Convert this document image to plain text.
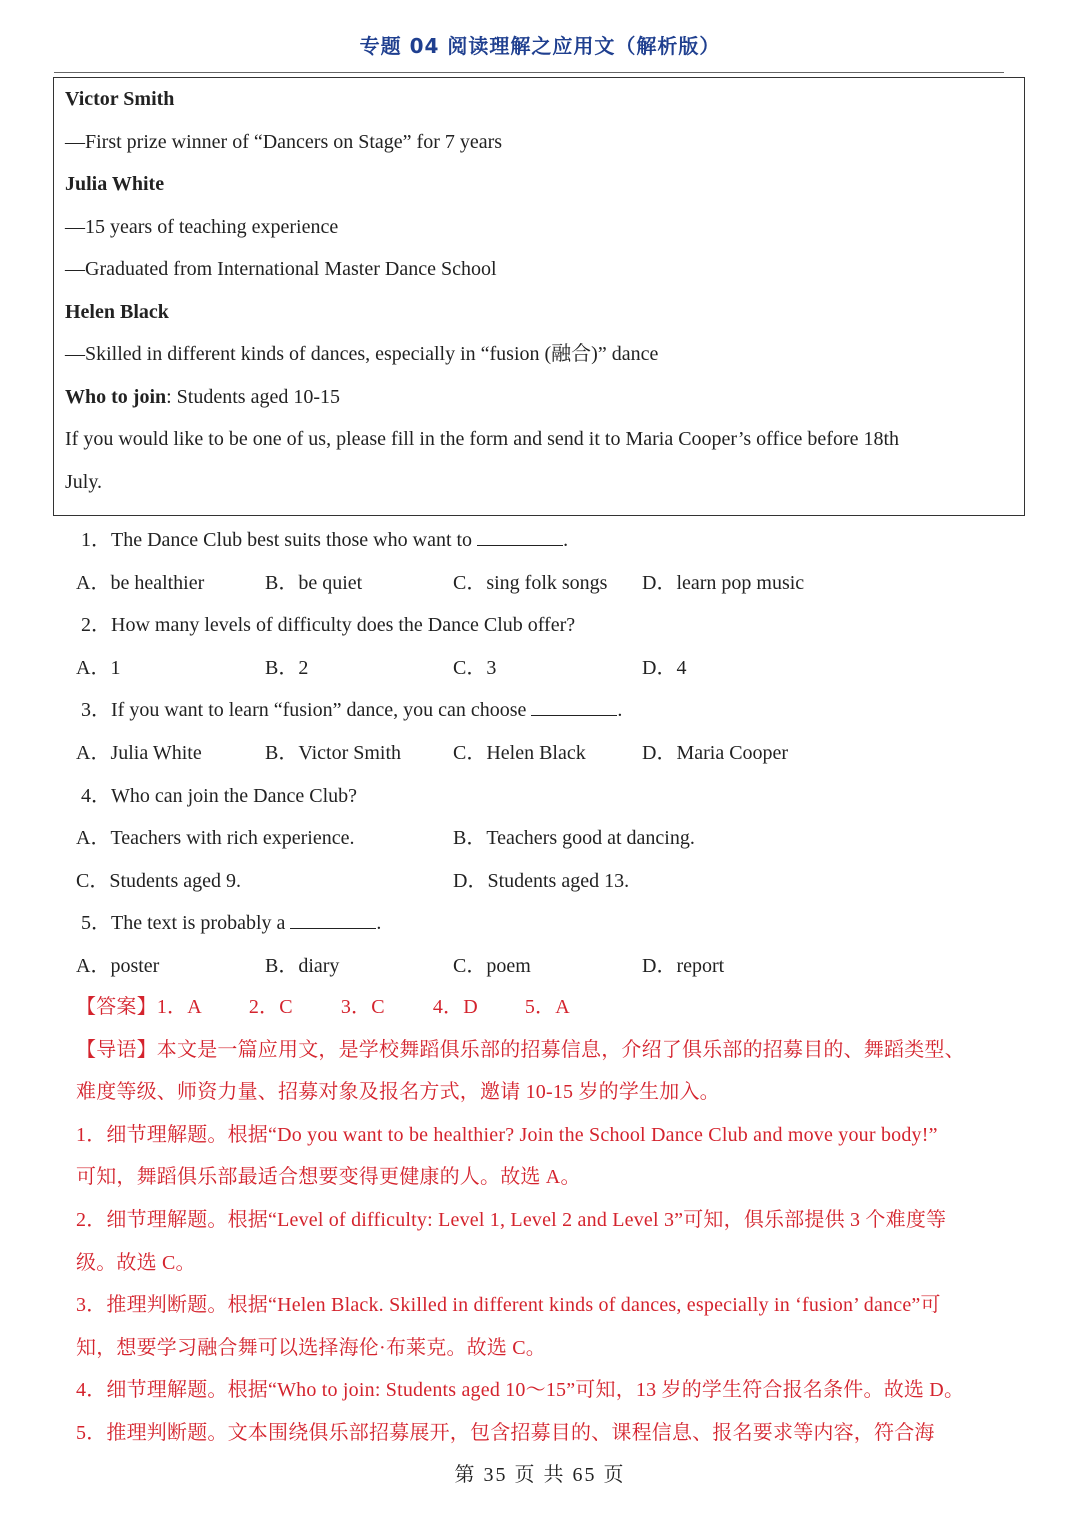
专题 04 阅读理解之应用文（解析版）
Victor Smith
—First prize winner of “Dancers on Stage” for 7 years
Julia White
—15 years of teaching experience
—Graduated from International Master Dance School
Helen Black
—Skilled in different kinds of dances, especially in “fusion (融合)” dance
Who to join: Students aged 10-15
If you would like to be one of us, please fill in the form and send it to Maria Cooper’s office before 18th
July.
1．The Dance Club best suits those who want to	.
A．be healthier	B．be quiet	C．sing folk songs D．learn pop music
2．How many levels of difficulty does the Dance Club offer?
A．1	B．2	C．3	D．4
3．If you want to learn “fusion” dance, you can choose	.
A．Julia White	B．Victor Smith	C．Helen Black	D．Maria Cooper
4．Who can join the Dance Club?
A．Teachers with rich experience.	B．Teachers good at dancing.
C．Students aged 9.	D．Students aged 13.
5．The text is probably a	.
A．poster	B．diary	C．poem	D．report
【答案】1．A 2．C 3．C 4．D 5．A
【导语】本文是一篇应用文，是学校舞蹈俱乐部的招募信息，介绍了俱乐部的招募目的、舞蹈类型、
难度等级、师资力量、招募对象及报名方式，邀请 10-15 岁的学生加入。
1．细节理解题。根据“Do you want to be healthier? Join the School Dance Club and move your body!”
可知，舞蹈俱乐部最适合想要变得更健康的人。故选 A。
2．细节理解题。根据“Level of difficulty: Level 1, Level 2 and Level 3”可知，俱乐部提供 3 个难度等
级。故选 C。
3．推理判断题。根据“Helen Black. Skilled in different kinds of dances, especially in ‘fusion’ dance”可
知，想要学习融合舞可以选择海伦·布莱克。故选 C。
4．细节理解题。根据“Who to join: Students aged 10～15”可知，13 岁的学生符合报名条件。故选 D。
5．推理判断题。文本围绕俱乐部招募展开，包含招募目的、课程信息、报名要求等内容，符合海
第 35 页 共 65 页
